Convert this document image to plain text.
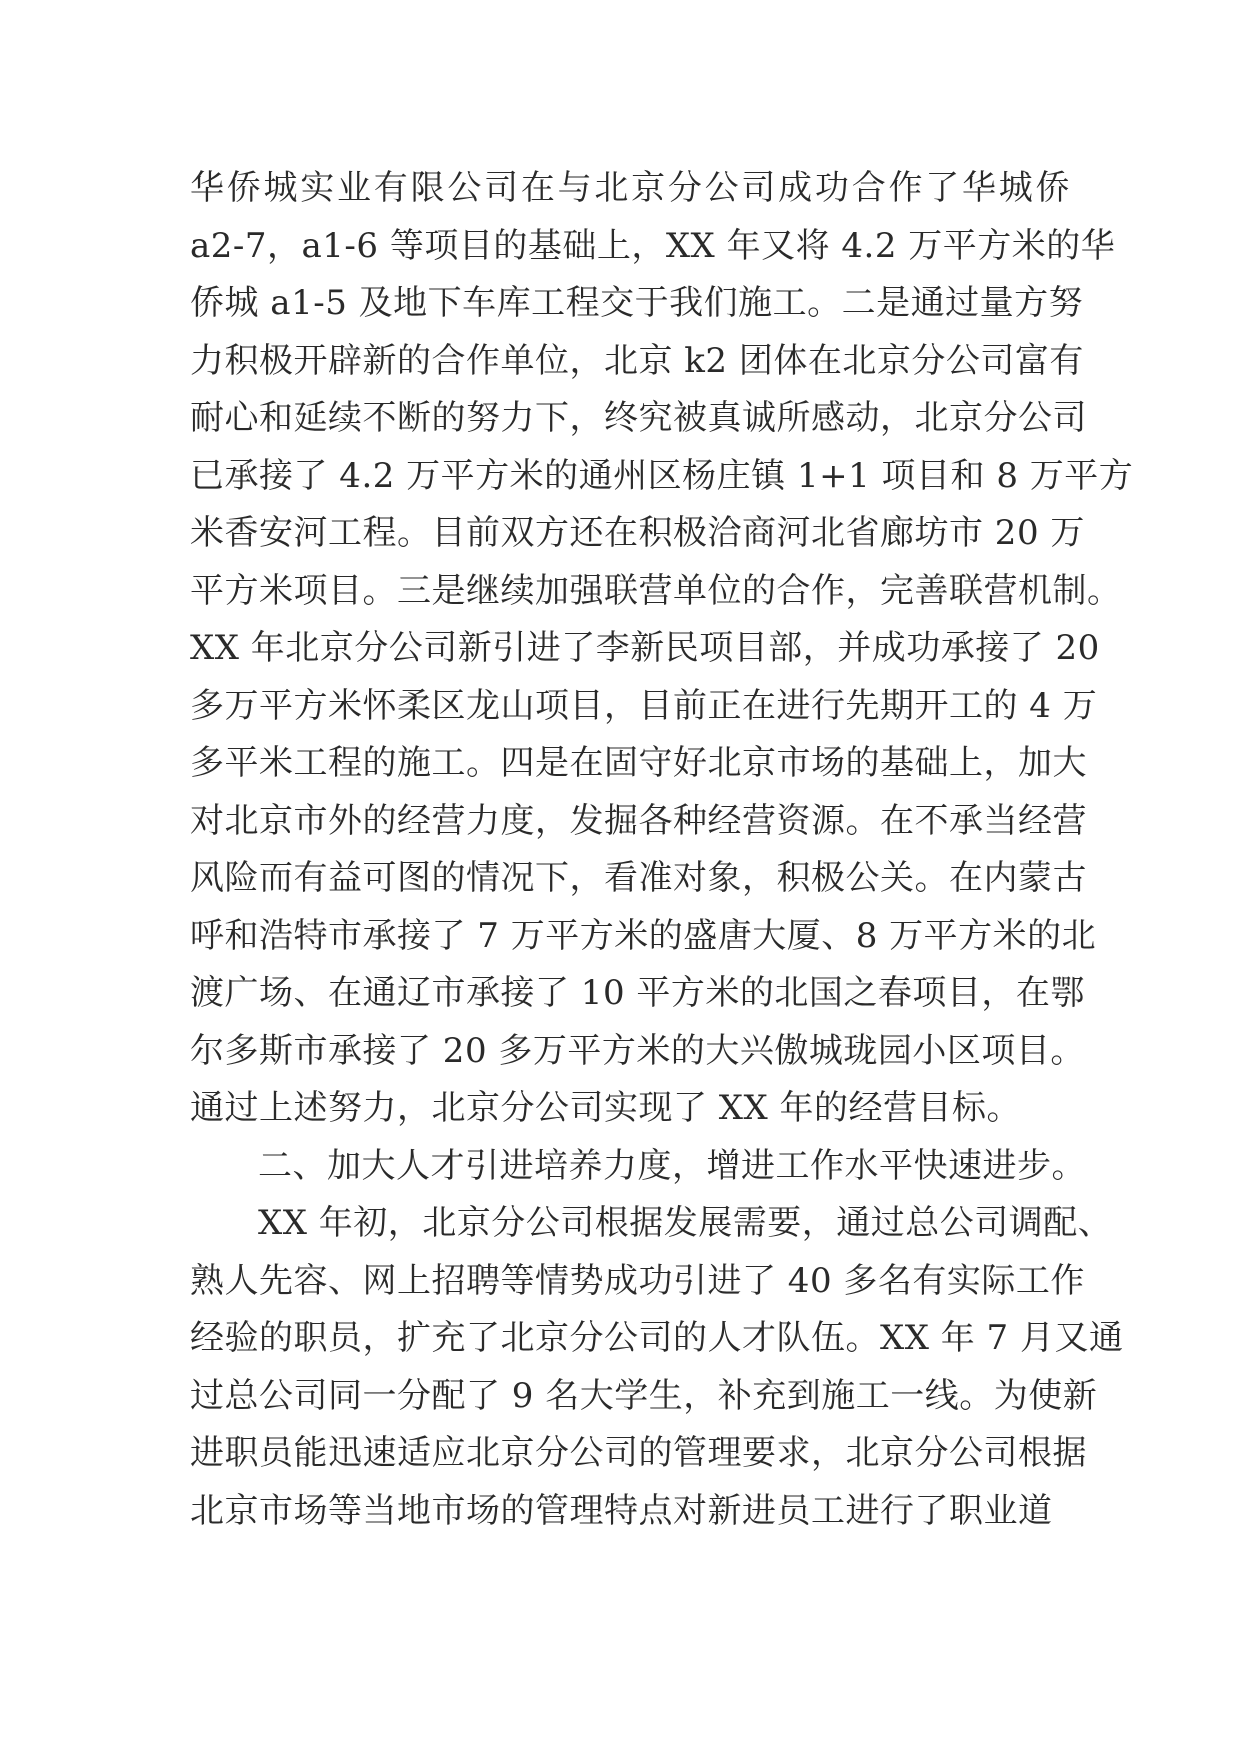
华侨城实业有限公司在与北京分公司成功合作了华城侨
a2-7，a1-6 等项目的基础上，XX 年又将 4.2 万平方米的华
侨城 a1-5 及地下车库工程交于我们施工。二是通过量方努
力积极开辟新的合作单位，北京 k2 团体在北京分公司富有
耐心和延续不断的努力下，终究被真诚所感动，北京分公司
已承接了 4.2 万平方米的通州区杨庄镇 1+1 项目和 8 万平方
米香安河工程。目前双方还在积极洽商河北省廊坊市 20 万
平方米项目。三是继续加强联营单位的合作，完善联营机制。
XX 年北京分公司新引进了李新民项目部，并成功承接了 20
多万平方米怀柔区龙山项目，目前正在进行先期开工的 4 万
多平米工程的施工。四是在固守好北京市场的基础上，加大
对北京市外的经营力度，发掘各种经营资源。在不承当经营
风险而有益可图的情况下，看准对象，积极公关。在内蒙古
呼和浩特市承接了 7 万平方米的盛唐大厦、8 万平方米的北
渡广场、在通辽市承接了 10 平方米的北国之春项目，在鄂
尔多斯市承接了 20 多万平方米的大兴傲城珑园小区项目。
通过上述努力，北京分公司实现了 XX 年的经营目标。
二、加大人才引进培养力度，增进工作水平快速进步。
XX 年初，北京分公司根据发展需要，通过总公司调配、
熟人先容、网上招聘等情势成功引进了 40 多名有实际工作
经验的职员，扩充了北京分公司的人才队伍。XX 年 7 月又通
过总公司同一分配了 9 名大学生，补充到施工一线。为使新
进职员能迅速适应北京分公司的管理要求，北京分公司根据
北京市场等当地市场的管理特点对新进员工进行了职业道
